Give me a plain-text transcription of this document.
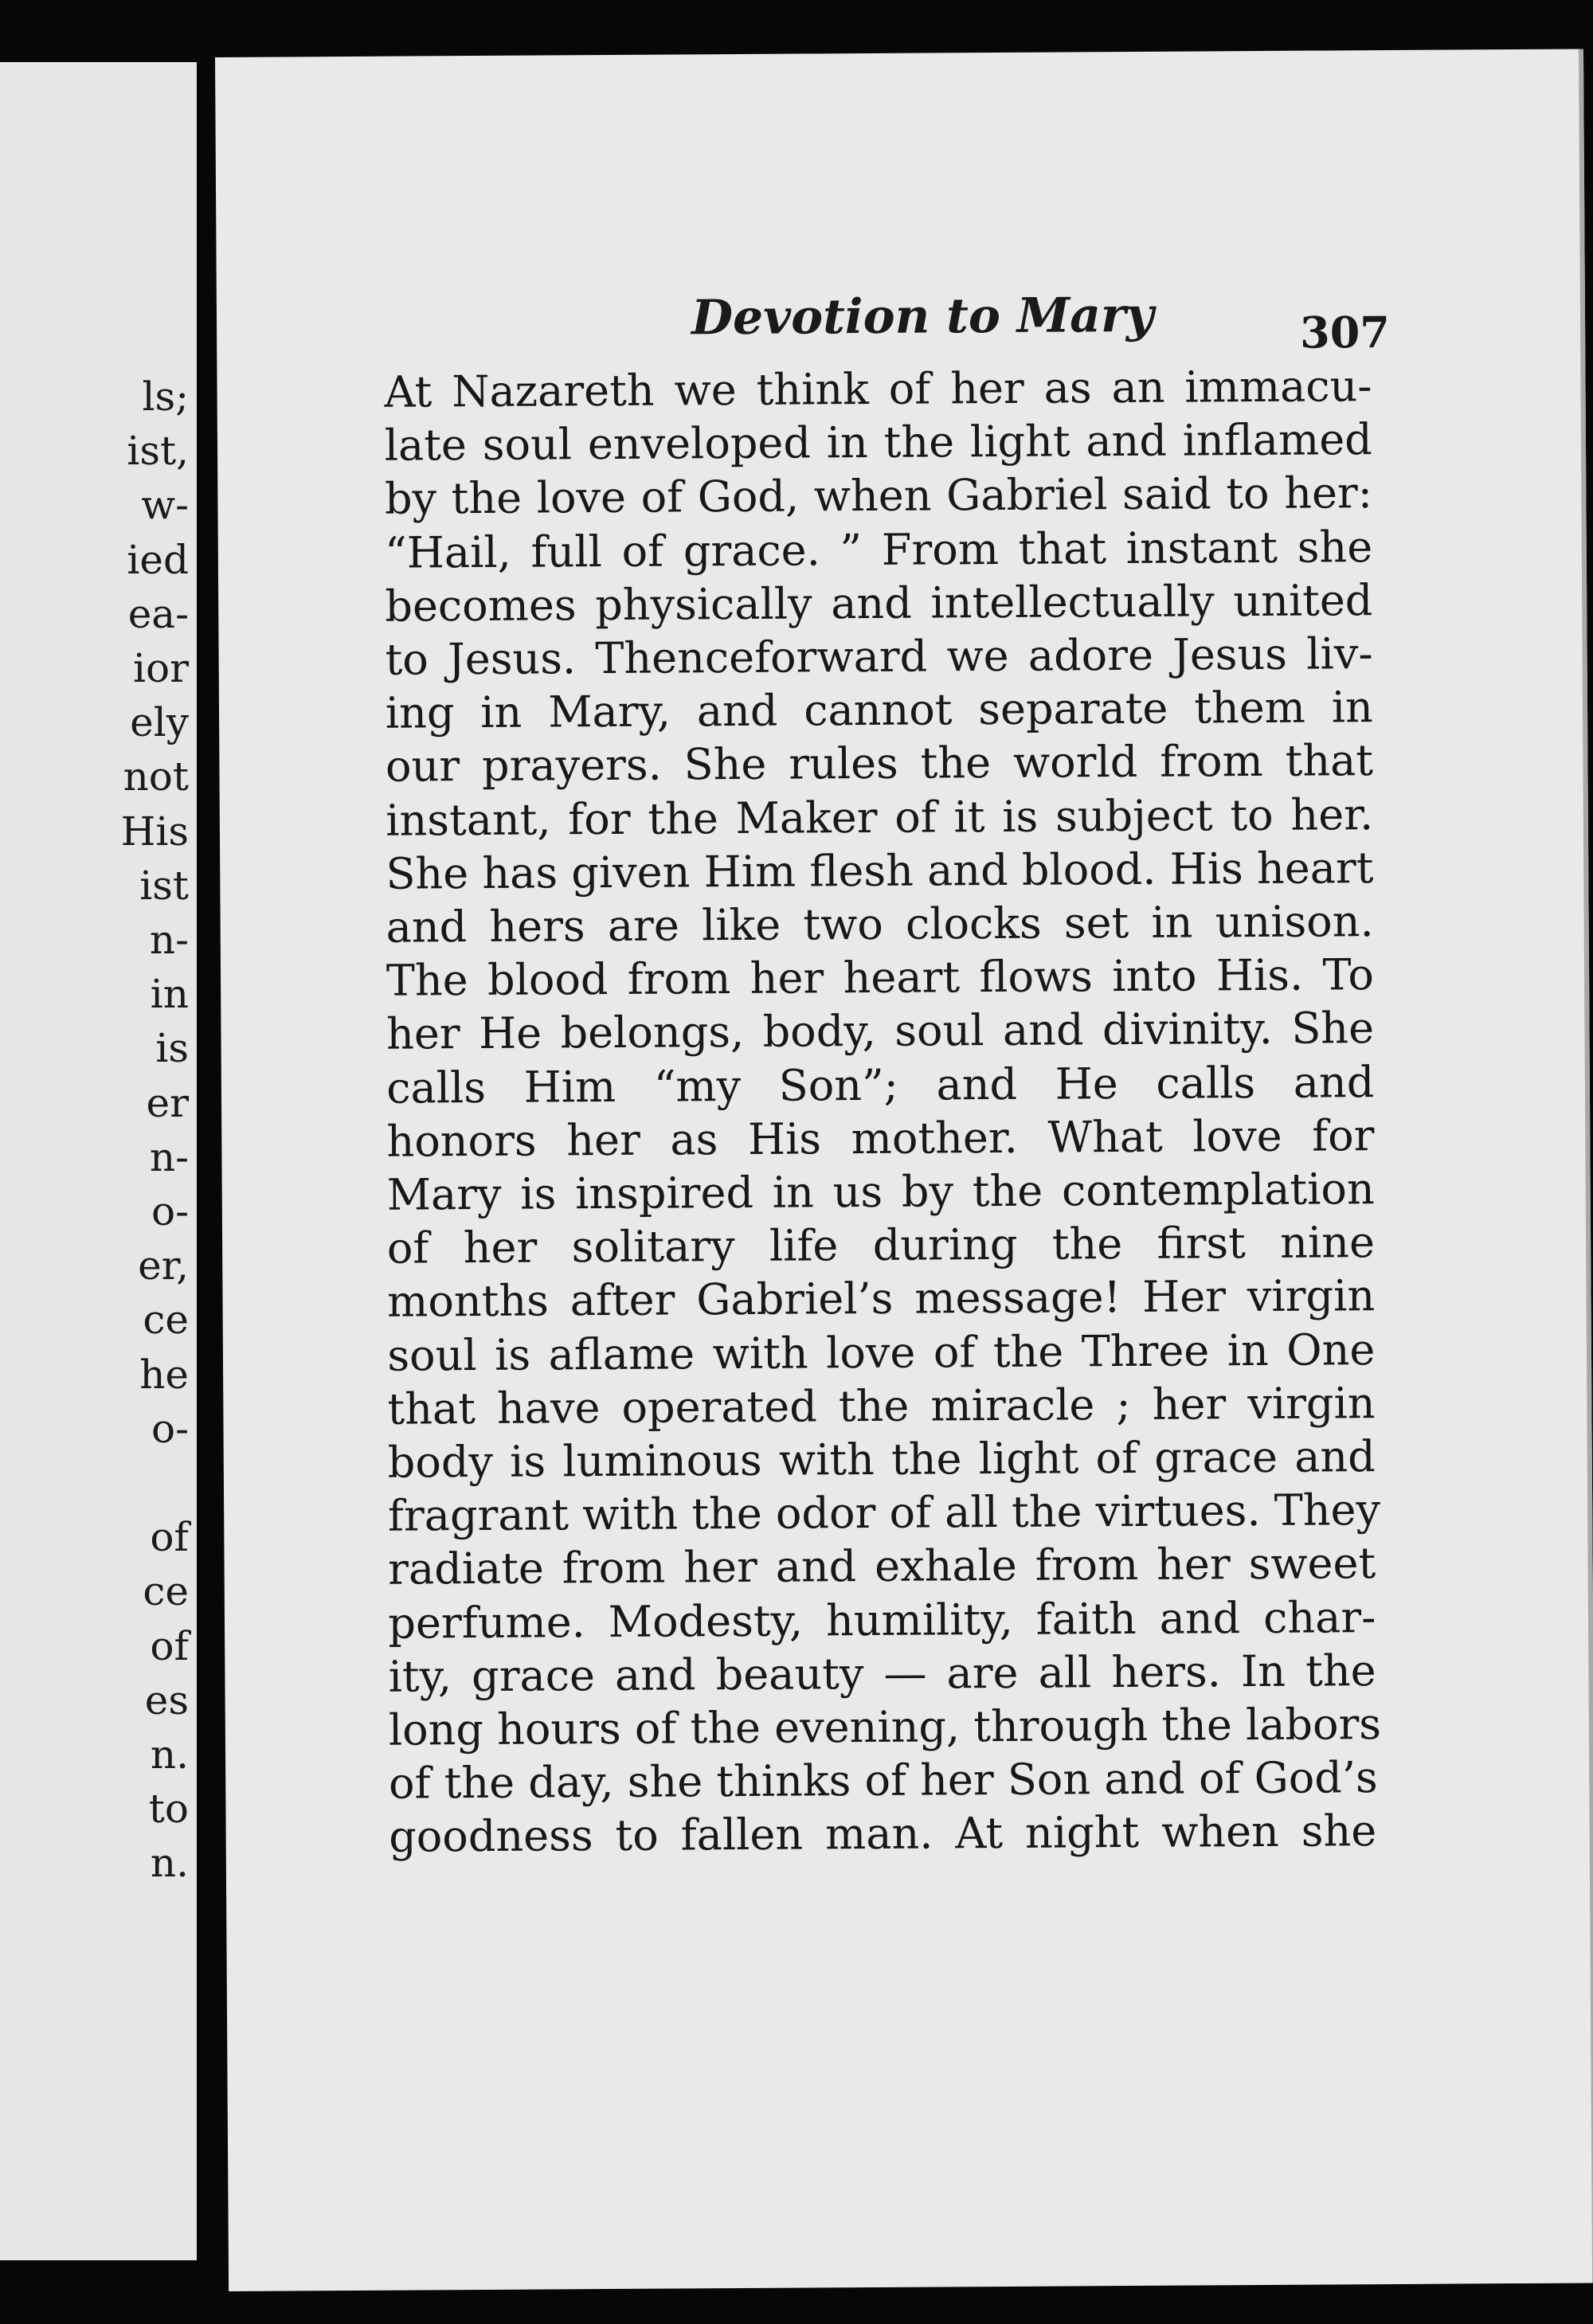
ls;
ist,
w-
ied
ea-
ior
ely
not
His
ist
n-
in
is
er
n-
o-
er,
ce
he
o-
of
ce
of
es
n.
to
n.
Devotion to Mary	307
At Nazareth we think of her as an immacu-
late soul enveloped in the light and inflamed
by the love of God, when Gabriel said to her:
“Hail, full of grace. ” From that instant she
becomes physically and intellectually united
to Jesus. Thenceforward we adore Jesus liv-
ing in Mary, and cannot separate them in
our prayers. She rules the world from that
instant, for the Maker of it is subject to her.
She has given Him flesh and blood. His heart
and hers are like two clocks set in unison.
The blood from her heart flows into His. To
her He belongs, body, soul and divinity. She
calls Him “my Son”; and He calls and
honors her as His mother. What love for
Mary is inspired in us by the contemplation
of her solitary life during the first nine
months after Gabriel’s message! Her virgin
soul is aflame with love of the Three in One
that have operated the miracle ; her virgin
body is luminous with the light of grace and
fragrant with the odor of all the virtues. They
radiate from her and exhale from her sweet
perfume. Modesty, humility, faith and char-
ity, grace and beauty — are all hers. In the
long hours of the evening, through the labors
of the day, she thinks of her Son and of God’s
goodness to fallen man. At night when she
